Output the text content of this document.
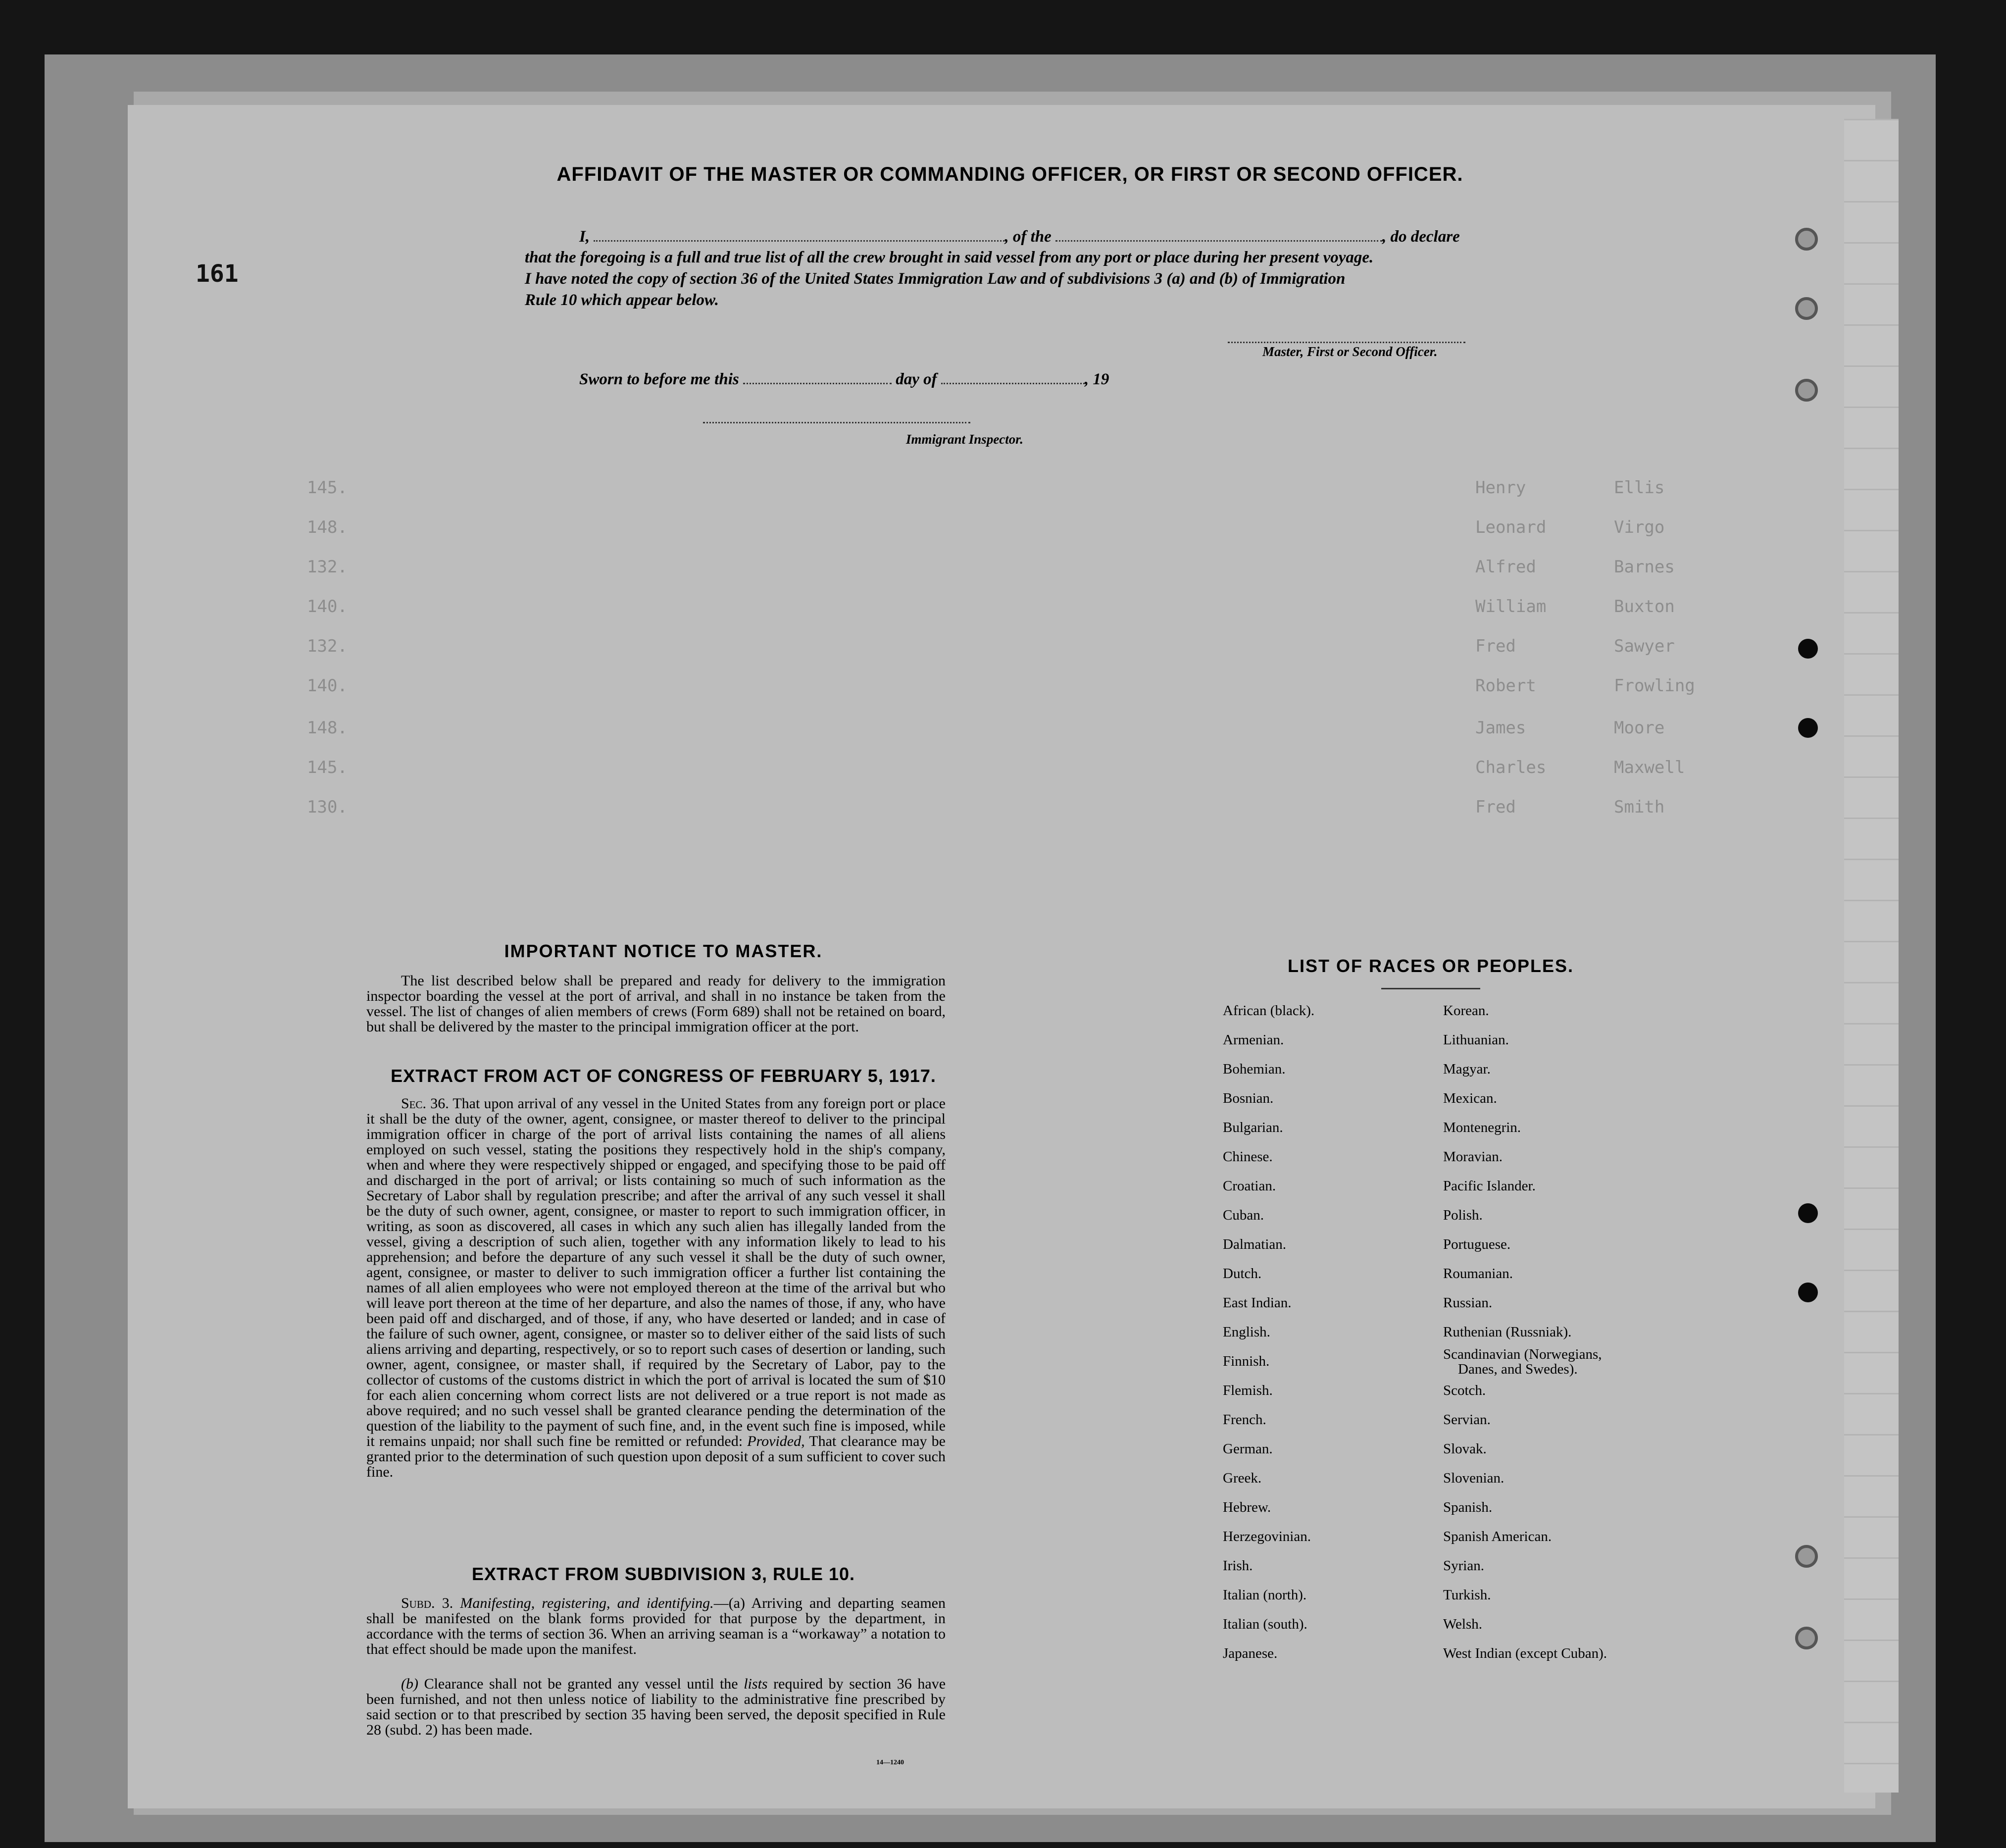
145.	Henry	Ellis
148.	Leonard	Virgo
132.	Alfred	Barnes
140.	William	Buxton
132.	Fred	Sawyer
140.	Robert	Frowling
148.	James	Moore
145.	Charles	Maxwell
130.	Fred	Smith
161
AFFIDAVIT OF THE MASTER OR COMMANDING OFFICER, OR FIRST OR SECOND OFFICER.
I,	, of the	, do declare
that the foregoing is a full and true list of all the crew brought in said vessel from any port or place during her present voyage.
I have noted the copy of section 36 of the United States Immigration Law and of subdivisions 3 (a) and (b) of Immigration
Rule 10 which appear below.
Master, First or Second Officer.
Sworn to before me this	day of	, 19
Immigrant Inspector.
IMPORTANT NOTICE TO MASTER.

The list described below shall be prepared and ready for delivery to the immigration inspector boarding the vessel at the port of arrival, and shall in no instance be taken from the vessel. The list of changes of alien members of crews (Form 689) shall not be retained on board, but shall be delivered by the master to the principal immigration officer at the port.

EXTRACT FROM ACT OF CONGRESS OF FEBRUARY 5, 1917.

Sec. 36. That upon arrival of any vessel in the United States from any foreign port or place it shall be the duty of the owner, agent, consignee, or master thereof to deliver to the principal immigration officer in charge of the port of arrival lists containing the names of all aliens employed on such vessel, stating the positions they respectively hold in the ship's company, when and where they were respectively shipped or engaged, and specifying those to be paid off and discharged in the port of arrival; or lists containing so much of such information as the Secretary of Labor shall by regulation prescribe; and after the arrival of any such vessel it shall be the duty of such owner, agent, consignee, or master to report to such immigration officer, in writing, as soon as discovered, all cases in which any such alien has illegally landed from the vessel, giving a description of such alien, together with any information likely to lead to his apprehension; and before the departure of any such vessel it shall be the duty of such owner, agent, consignee, or master to deliver to such immigration officer a further list containing the names of all alien employees who were not employed thereon at the time of the arrival but who will leave port thereon at the time of her departure, and also the names of those, if any, who have been paid off and discharged, and of those, if any, who have deserted or landed; and in case of the failure of such owner, agent, consignee, or master so to deliver either of the said lists of such aliens arriving and departing, respectively, or so to report such cases of desertion or landing, such owner, agent, consignee, or master shall, if required by the Secretary of Labor, pay to the collector of customs of the customs district in which the port of arrival is located the sum of $10 for each alien concerning whom correct lists are not delivered or a true report is not made as above required; and no such vessel shall be granted clearance pending the determination of the question of the liability to the payment of such fine, and, in the event such fine is imposed, while it remains unpaid; nor shall such fine be remitted or refunded: Provided, That clearance may be granted prior to the determination of such question upon deposit of a sum sufficient to cover such fine.

EXTRACT FROM SUBDIVISION 3, RULE 10.

Subd. 3. Manifesting, registering, and identifying.—(a) Arriving and departing seamen shall be manifested on the blank forms provided for that purpose by the department, in accordance with the terms of section 36. When an arriving seaman is a “workaway” a notation to that effect should be made upon the manifest.

(b) Clearance shall not be granted any vessel until the lists required by section 36 have been furnished, and not then unless notice of liability to the administrative fine prescribed by said section or to that prescribed by section 35 having been served, the deposit specified in Rule 28 (subd. 2) has been made.

14—1240
LIST OF RACES OR PEOPLES.
African (black).
Armenian.
Bohemian.
Bosnian.
Bulgarian.
Chinese.
Croatian.
Cuban.
Dalmatian.
Dutch.
East Indian.
English.
Finnish.
Flemish.
French.
German.
Greek.
Hebrew.
Herzegovinian.
Irish.
Italian (north).
Italian (south).
Japanese.
Korean.
Lithuanian.
Magyar.
Mexican.
Montenegrin.
Moravian.
Pacific Islander.
Polish.
Portuguese.
Roumanian.
Russian.
Ruthenian (Russniak).
Scandinavian (Norwegians,
Danes, and Swedes).
Scotch.
Servian.
Slovak.
Slovenian.
Spanish.
Spanish American.
Syrian.
Turkish.
Welsh.
West Indian (except Cuban).
